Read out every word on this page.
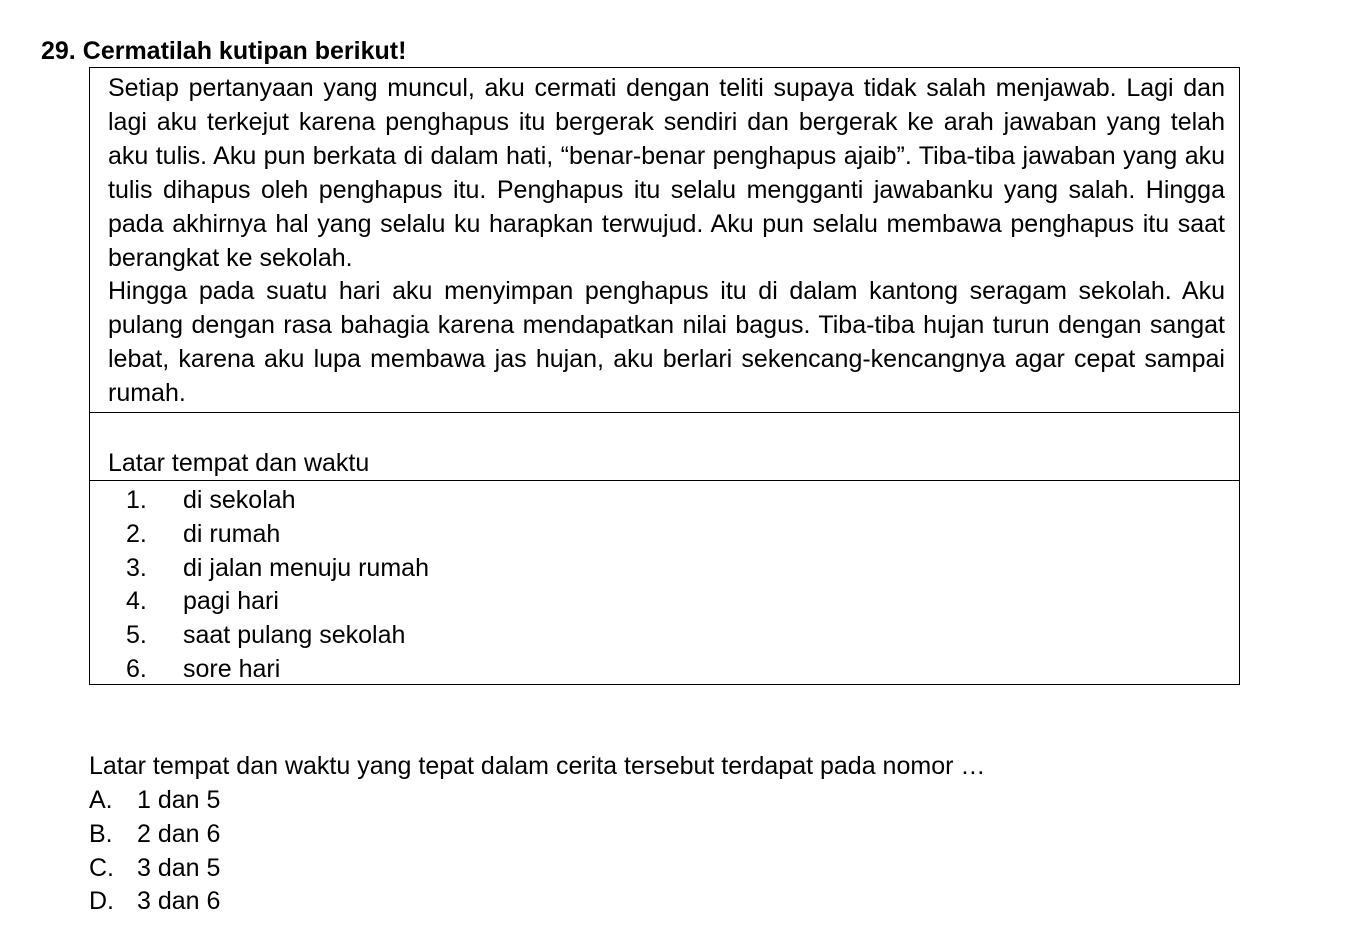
29. Cermatilah kutipan berikut!

Setiap pertanyaan yang muncul, aku cermati dengan teliti supaya tidak salah menjawab. Lagi dan lagi aku terkejut karena penghapus itu bergerak sendiri dan bergerak ke arah jawaban yang telah aku tulis. Aku pun berkata di dalam hati, “benar-benar penghapus ajaib”. Tiba-tiba jawaban yang aku tulis dihapus oleh penghapus itu. Penghapus itu selalu mengganti jawabanku yang salah. Hingga pada akhirnya hal yang selalu ku harapkan terwujud. Aku pun selalu membawa penghapus itu saat berangkat ke sekolah.

Hingga pada suatu hari aku menyimpan penghapus itu di dalam kantong seragam sekolah. Aku pulang dengan rasa bahagia karena mendapatkan nilai bagus. Tiba-tiba hujan turun dengan sangat lebat, karena aku lupa membawa jas hujan, aku berlari sekencang-kencangnya agar cepat sampai rumah.

Latar tempat dan waktu
1.	di sekolah
2.	di rumah
3.	di jalan menuju rumah
4.	pagi hari
5.	saat pulang sekolah
6.	sore hari
Latar tempat dan waktu yang tepat dalam cerita tersebut terdapat pada nomor …
A. 1 dan 5
B. 2 dan 6
C. 3 dan 5
D. 3 dan 6
